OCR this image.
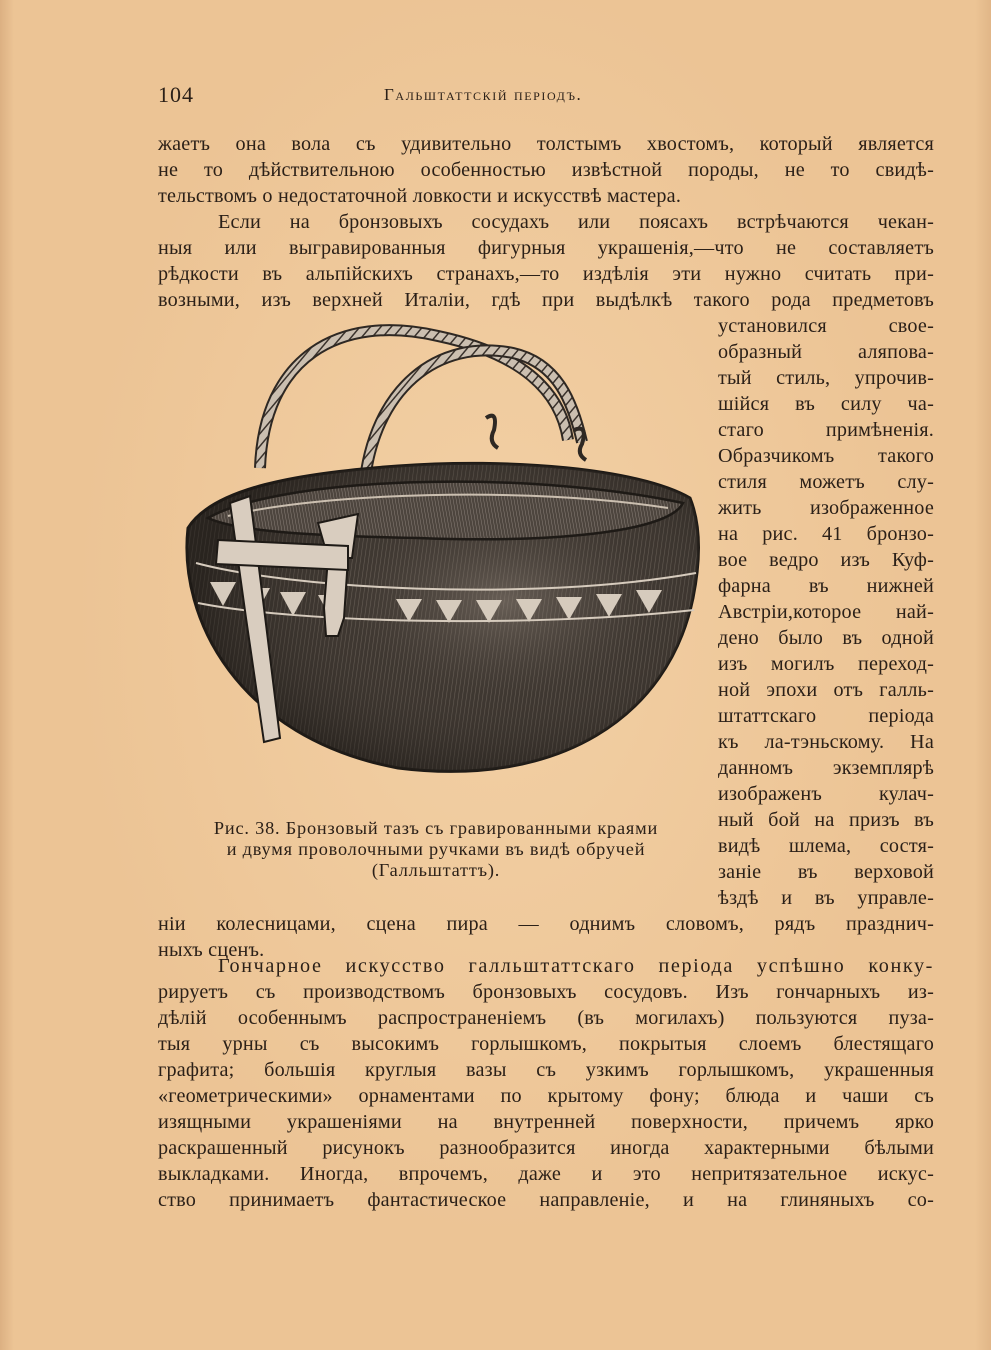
104	Гальштаттскій періодъ.
жаетъ она вола съ удивительно толстымъ хвостомъ, который является
не то дѣйствительною особенностью извѣстной породы, не то свидѣ-
тельствомъ о недостаточной ловкости и искусствѣ мастера.
Если на бронзовыхъ сосудахъ или поясахъ встрѣчаются чекан-
ныя или выгравированныя фигурныя украшенія,—что не составляетъ
рѣдкости въ альпійскихъ странахъ,—то издѣлія эти нужно считать при-
возными, изъ верхней Италіи, гдѣ при выдѣлкѣ такого рода предметовъ
установился свое-
образный аляпова-
тый стиль, упрочив-
шійся въ силу ча-
стаго примѣненія.
Образчикомъ такого
стиля можетъ слу-
жить изображенное
на рис. 41 бронзо-
вое ведро изъ Куф-
фарна въ нижней
Австріи,которое най-
дено было въ одной
изъ могилъ переход-
ной эпохи отъ галль-
штаттскаго періода
къ ла-тэньскому. На
данномъ экземплярѣ
изображенъ кулач-
ный бой на призъ въ
видѣ шлема, состя-
заніе въ верховой
ѣздѣ и въ управле-
ніи колесницами, сцена пира — однимъ словомъ, рядъ празднич-
ныхъ сценъ.
Рис. 38. Бронзовый тазъ съ гравированными краями
и двумя проволочными ручками въ видѣ обручей
(Галльштаттъ).
Гончарное искусство галльштаттскаго періода успѣшно конку-
рируетъ съ производствомъ бронзовыхъ сосудовъ. Изъ гончарныхъ из-
дѣлій особеннымъ распространеніемъ (въ могилахъ) пользуются пуза-
тыя урны съ высокимъ горлышкомъ, покрытыя слоемъ блестящаго
графита; большія круглыя вазы съ узкимъ горлышкомъ, украшенныя
«геометрическими» орнаментами по крытому фону; блюда и чаши съ
изящными украшеніями на внутренней поверхности, причемъ ярко
раскрашенный рисунокъ разнообразится иногда характерными бѣлыми
выкладками. Иногда, впрочемъ, даже и это непритязательное искус-
ство принимаетъ фантастическое направленіе, и на глиняныхъ со-
